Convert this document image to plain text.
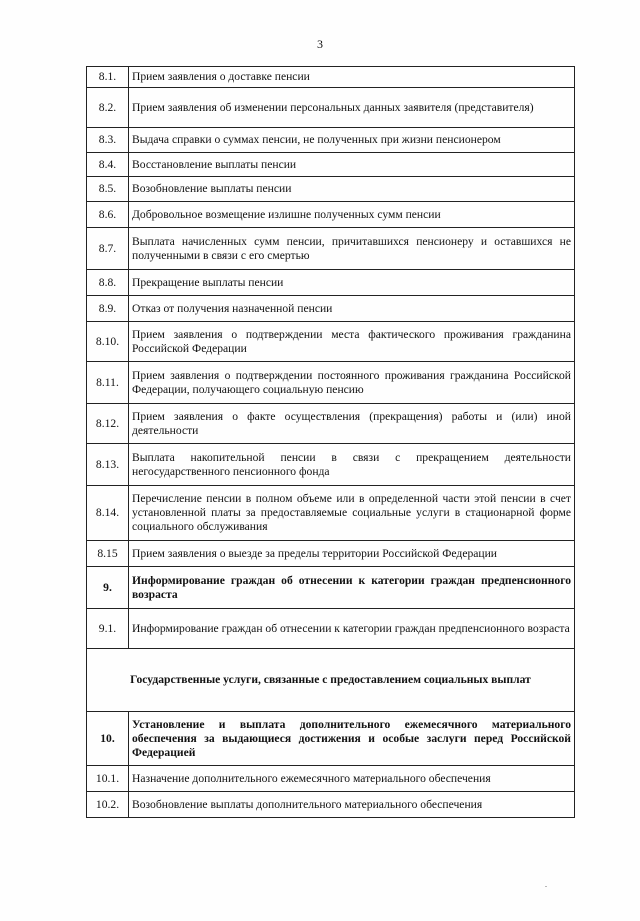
3
8.1.	Прием заявления о доставке пенсии
8.2.	Прием заявления об изменении персональных данных заявителя (представителя)
8.3.	Выдача справки о суммах пенсии, не полученных при жизни пенсионером
8.4.	Восстановление выплаты пенсии
8.5.	Возобновление выплаты пенсии
8.6.	Добровольное возмещение излишне полученных сумм пенсии
8.7.	Выплата начисленных сумм пенсии, причитавшихся пенсионеру и оставшихся не полученными в связи с его смертью
8.8.	Прекращение выплаты пенсии
8.9.	Отказ от получения назначенной пенсии
8.10.	Прием заявления о подтверждении места фактического проживания гражданина Российской Федерации
8.11.	Прием заявления о подтверждении постоянного проживания гражданина Российской Федерации, получающего социальную пенсию
8.12.	Прием заявления о факте осуществления (прекращения) работы и (или) иной деятельности
8.13.	Выплата накопительной пенсии в связи с прекращением деятельности негосударственного пенсионного фонда
8.14.	Перечисление пенсии в полном объеме или в определенной части этой пенсии в счет установленной платы за предоставляемые социальные услуги в стационарной форме социального обслуживания
8.15	Прием заявления о выезде за пределы территории Российской Федерации
9.	Информирование граждан об отнесении к категории граждан предпенсионного возраста
9.1.	Информирование граждан об отнесении к категории граждан предпенсионного возраста
Государственные услуги, связанные с предоставлением социальных выплат	
10.	Установление и выплата дополнительного ежемесячного материального обеспечения за выдающиеся достижения и особые заслуги перед Российской Федерацией
10.1.	Назначение дополнительного ежемесячного материального обеспечения
10.2.	Возобновление выплаты дополнительного материального обеспечения
.
